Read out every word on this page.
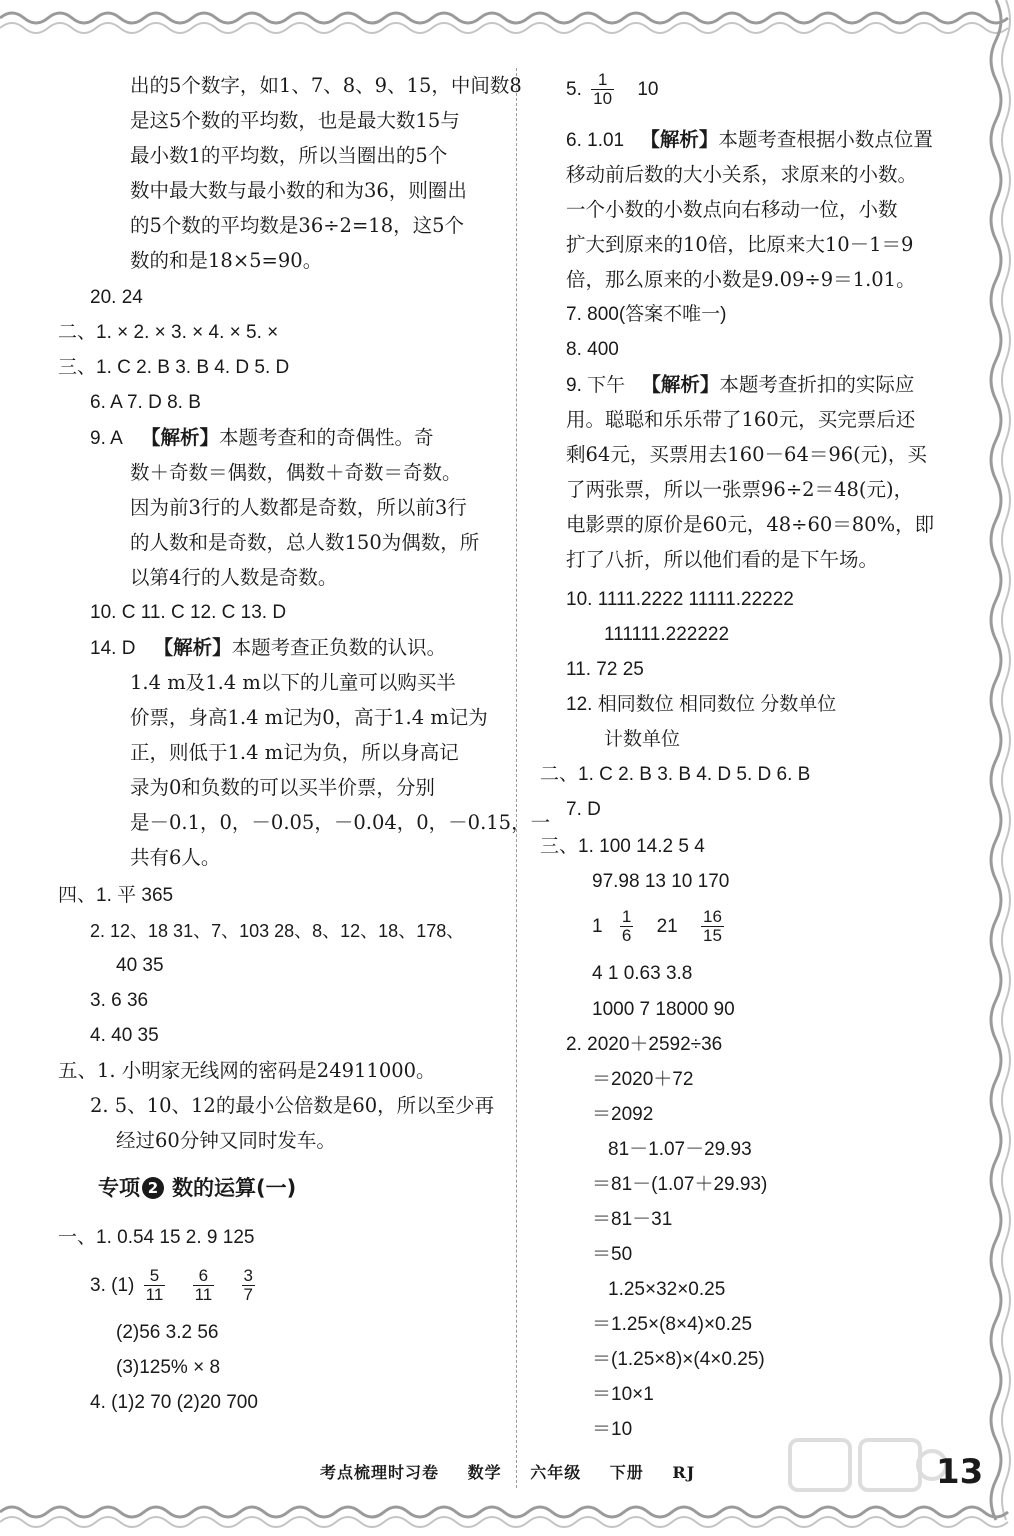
出的5个数字，如1、7、8、9、15，中间数8
是这5个数的平均数，也是最大数15与
最小数1的平均数，所以当圈出的5个
数中最大数与最小数的和为36，则圈出
的5个数的平均数是36÷2=18，这5个
数的和是18×5=90。
20. 24
二、1. × 2. × 3. × 4. × 5. ×
三、1. C 2. B 3. B 4. D 5. D
6. A 7. D 8. B
9. A 【解析】本题考查和的奇偶性。奇
数＋奇数＝偶数，偶数＋奇数＝奇数。
因为前3行的人数都是奇数，所以前3行
的人数和是奇数，总人数150为偶数，所
以第4行的人数是奇数。
10. C 11. C 12. C 13. D
14. D 【解析】本题考查正负数的认识。
1.4 m及1.4 m以下的儿童可以购买半
价票，身高1.4 m记为0，高于1.4 m记为
正，则低于1.4 m记为负，所以身高记
录为0和负数的可以买半价票，分别
是－0.1，0，－0.05，－0.04，0，－0.15，一
共有6人。
四、1. 平 365
2. 12、18 31、7、103 28、8、12、18、178、
40 35
3. 6 36
4. 40 35
五、1. 小明家无线网的密码是24911000。
2. 5、10、12的最小公倍数是60，所以至少再
经过60分钟又同时发车。
专项 2 数的运算(一)
一、1. 0.54 15 2. 9 125
3. $(1) \frac{5}{11}$
$\frac{6}{11}$
$\frac{3}{7}$
(2)56 3.2 56
(3)125% × 8
4. (1)2 70 (2)20 700
5. $\frac{1}{10} 10$
6. 1.01 【解析】本题考查根据小数点位置
移动前后数的大小关系，求原来的小数。
一个小数的小数点向右移动一位，小数
扩大到原来的10倍，比原来大10－1＝9
倍，那么原来的小数是9.09÷9＝1.01。
7. 800(答案不唯一)
8. 400
9. 下午 【解析】本题考查折扣的实际应
用。聪聪和乐乐带了160元，买完票后还
剩64元，买票用去160－64＝96(元)，买
了两张票，所以一张票96÷2＝48(元)，
电影票的原价是60元，48÷60＝80%，即
打了八折，所以他们看的是下午场。
10. 1111.2222 11111.22222
111111.222222
11. 72 25
12. 相同数位 相同数位 分数单位
计数单位
二、1. C 2. B 3. B 4. D 5. D 6. B
7. D
三、1. 100 14.2 5 4
97.98 13 10 170
$1 \frac{1}{6} 21 \frac{16}{15}$
4 1 0.63 3.8
1000 7 18000 90
2. 2020＋2592÷36
＝2020＋72
＝2092
81－1.07－29.93
＝81－(1.07＋29.93)
＝81－31
＝50
1.25×32×0.25
＝1.25×(8×4)×0.25
＝(1.25×8)×(4×0.25)
＝10×1
＝10
考点梳理时习卷 数学 六年级 下册 RJ	13
